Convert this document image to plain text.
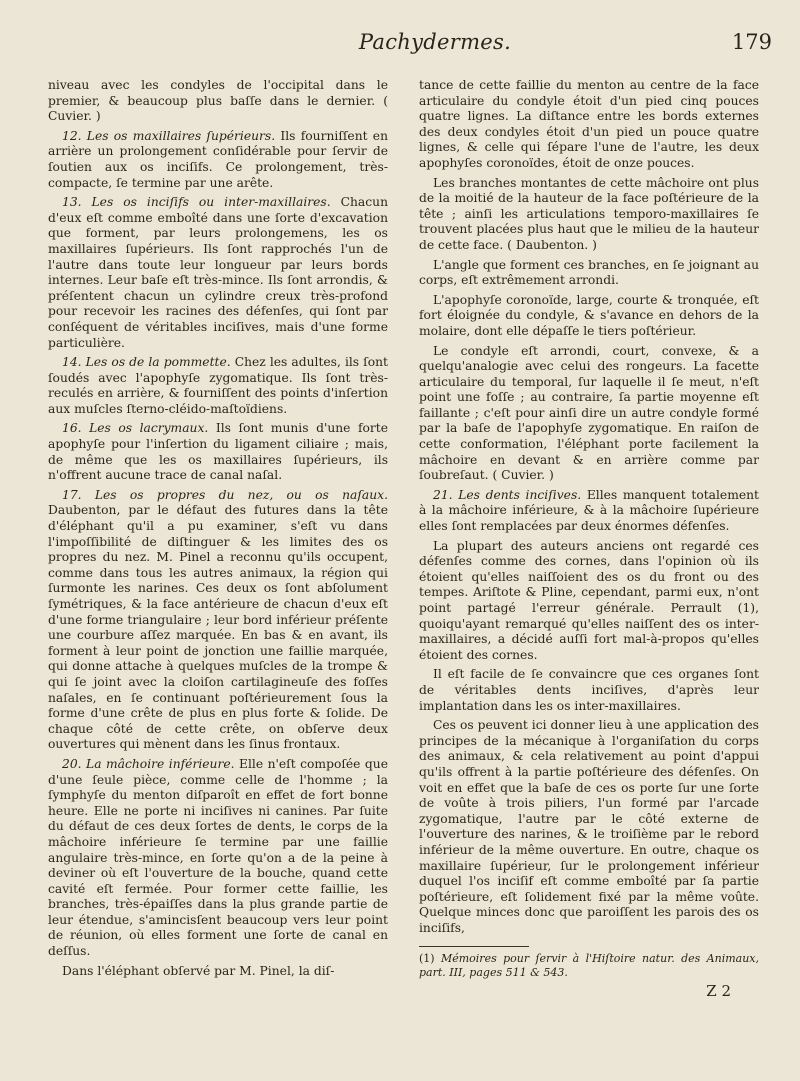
Pachydermes.	179

niveau avec les condyles de l'occipital dans le premier, & beaucoup plus baſſe dans le dernier. ( Cuvier. )

12. Les os maxillaires ſupérieurs. Ils fourniſſent en arrière un prolongement conſidérable pour ſervir de ſoutien aux os inciſifs. Ce prolongement, très-compacte, ſe termine par une arête.

13. Les os inciſifs ou inter-maxillaires. Chacun d'eux eſt comme emboîté dans une ſorte d'excavation que forment, par leurs prolongemens, les os maxillaires ſupérieurs. Ils ſont rapprochés l'un de l'autre dans toute leur longueur par leurs bords internes. Leur baſe eſt très-mince. Ils ſont arrondis, & préſentent chacun un cylindre creux très-profond pour recevoir les racines des défenſes, qui ſont par conſéquent de véritables inciſives, mais d'une forme particulière.

14. Les os de la pommette. Chez les adultes, ils ſont ſoudés avec l'apophyſe zygomatique. Ils ſont très-reculés en arrière, & fourniſſent des points d'inſertion aux muſcles ſterno-cléido-maſtoïdiens.

16. Les os lacrymaux. Ils ſont munis d'une forte apophyſe pour l'inſertion du ligament ciliaire ; mais, de même que les os maxillaires ſupérieurs, ils n'offrent aucune trace de canal naſal.

17. Les os propres du nez, ou os naſaux. Daubenton, par le défaut des futures dans la tête d'éléphant qu'il a pu examiner, s'eſt vu dans l'impoſſibilité de diſtinguer & les limites des os propres du nez. M. Pinel a reconnu qu'ils occupent, comme dans tous les autres animaux, la région qui ſurmonte les narines. Ces deux os ſont abſolument ſymétriques, & la face antérieure de chacun d'eux eſt d'une forme triangulaire ; leur bord inférieur préſente une courbure aſſez marquée. En bas & en avant, ils forment à leur point de jonction une faillie marquée, qui donne attache à quelques muſcles de la trompe & qui ſe joint avec la cloiſon cartilagineuſe des foſſes naſales, en ſe continuant poſtérieurement ſous la forme d'une crête de plus en plus forte & ſolide. De chaque côté de cette crête, on obſerve deux ouvertures qui mènent dans les ſinus frontaux.

20. La mâchoire inférieure. Elle n'eſt compoſée que d'une ſeule pièce, comme celle de l'homme ; la ſymphyſe du menton diſparoît en effet de fort bonne heure. Elle ne porte ni inciſives ni canines. Par ſuite du défaut de ces deux ſortes de dents, le corps de la mâchoire inférieure ſe termine par une faillie angulaire très-mince, en ſorte qu'on a de la peine à deviner où eſt l'ouverture de la bouche, quand cette cavité eſt fermée. Pour former cette faillie, les branches, très-épaiſſes dans la plus grande partie de leur étendue, s'amincisſent beaucoup vers leur point de réunion, où elles forment une ſorte de canal en deſſus.

Dans l'éléphant obſervé par M. Pinel, la diſ-

tance de cette faillie du menton au centre de la face articulaire du condyle étoit d'un pied cinq pouces quatre lignes. La diſtance entre les bords externes des deux condyles étoit d'un pied un pouce quatre lignes, & celle qui ſépare l'une de l'autre, les deux apophyſes coronoïdes, étoit de onze pouces.

Les branches montantes de cette mâchoire ont plus de la moitié de la hauteur de la face poſtérieure de la tête ; ainſi les articulations temporo-maxillaires ſe trouvent placées plus haut que le milieu de la hauteur de cette face. ( Daubenton. )

L'angle que forment ces branches, en ſe joignant au corps, eſt extrêmement arrondi.

L'apophyſe coronoïde, large, courte & tronquée, eſt fort éloignée du condyle, & s'avance en dehors de la molaire, dont elle dépaſſe le tiers poſtérieur.

Le condyle eſt arrondi, court, convexe, & a quelqu'analogie avec celui des rongeurs. La facette articulaire du temporal, ſur laquelle il ſe meut, n'eſt point une foſſe ; au contraire, ſa partie moyenne eſt faillante ; c'eſt pour ainſi dire un autre condyle formé par la baſe de l'apophyſe zygomatique. En raiſon de cette conformation, l'éléphant porte facilement la mâchoire en devant & en arrière comme par ſoubreſaut. ( Cuvier. )

21. Les dents inciſives. Elles manquent totalement à la mâchoire inférieure, & à la mâchoire ſupérieure elles ſont remplacées par deux énormes défenſes.

La plupart des auteurs anciens ont regardé ces défenſes comme des cornes, dans l'opinion où ils étoient qu'elles naiſſoient des os du front ou des tempes. Ariſtote & Pline, cependant, parmi eux, n'ont point partagé l'erreur générale. Perrault (1), quoiqu'ayant remarqué qu'elles naiſſent des os inter-maxillaires, a décidé auſſi fort mal-à-propos qu'elles étoient des cornes.

Il eſt facile de ſe convaincre que ces organes ſont de véritables dents inciſives, d'après leur implantation dans les os inter-maxillaires.

Ces os peuvent ici donner lieu à une application des principes de la mécanique à l'organiſation du corps des animaux, & cela relativement au point d'appui qu'ils offrent à la partie poſtérieure des défenſes. On voit en effet que la baſe de ces os porte ſur une ſorte de voûte à trois piliers, l'un formé par l'arcade zygomatique, l'autre par le côté externe de l'ouverture des narines, & le troiſième par le rebord inférieur de la même ouverture. En outre, chaque os maxillaire ſupérieur, ſur le prolongement inférieur duquel l'os inciſif eſt comme emboîté par ſa partie poſtérieure, eſt ſolidement fixé par la même voûte. Quelque minces donc que paroiſſent les parois des os inciſifs,

(1) Mémoires pour ſervir à l'Hiſtoire natur. des Animaux, part. III, pages 511 & 543.

Z 2
